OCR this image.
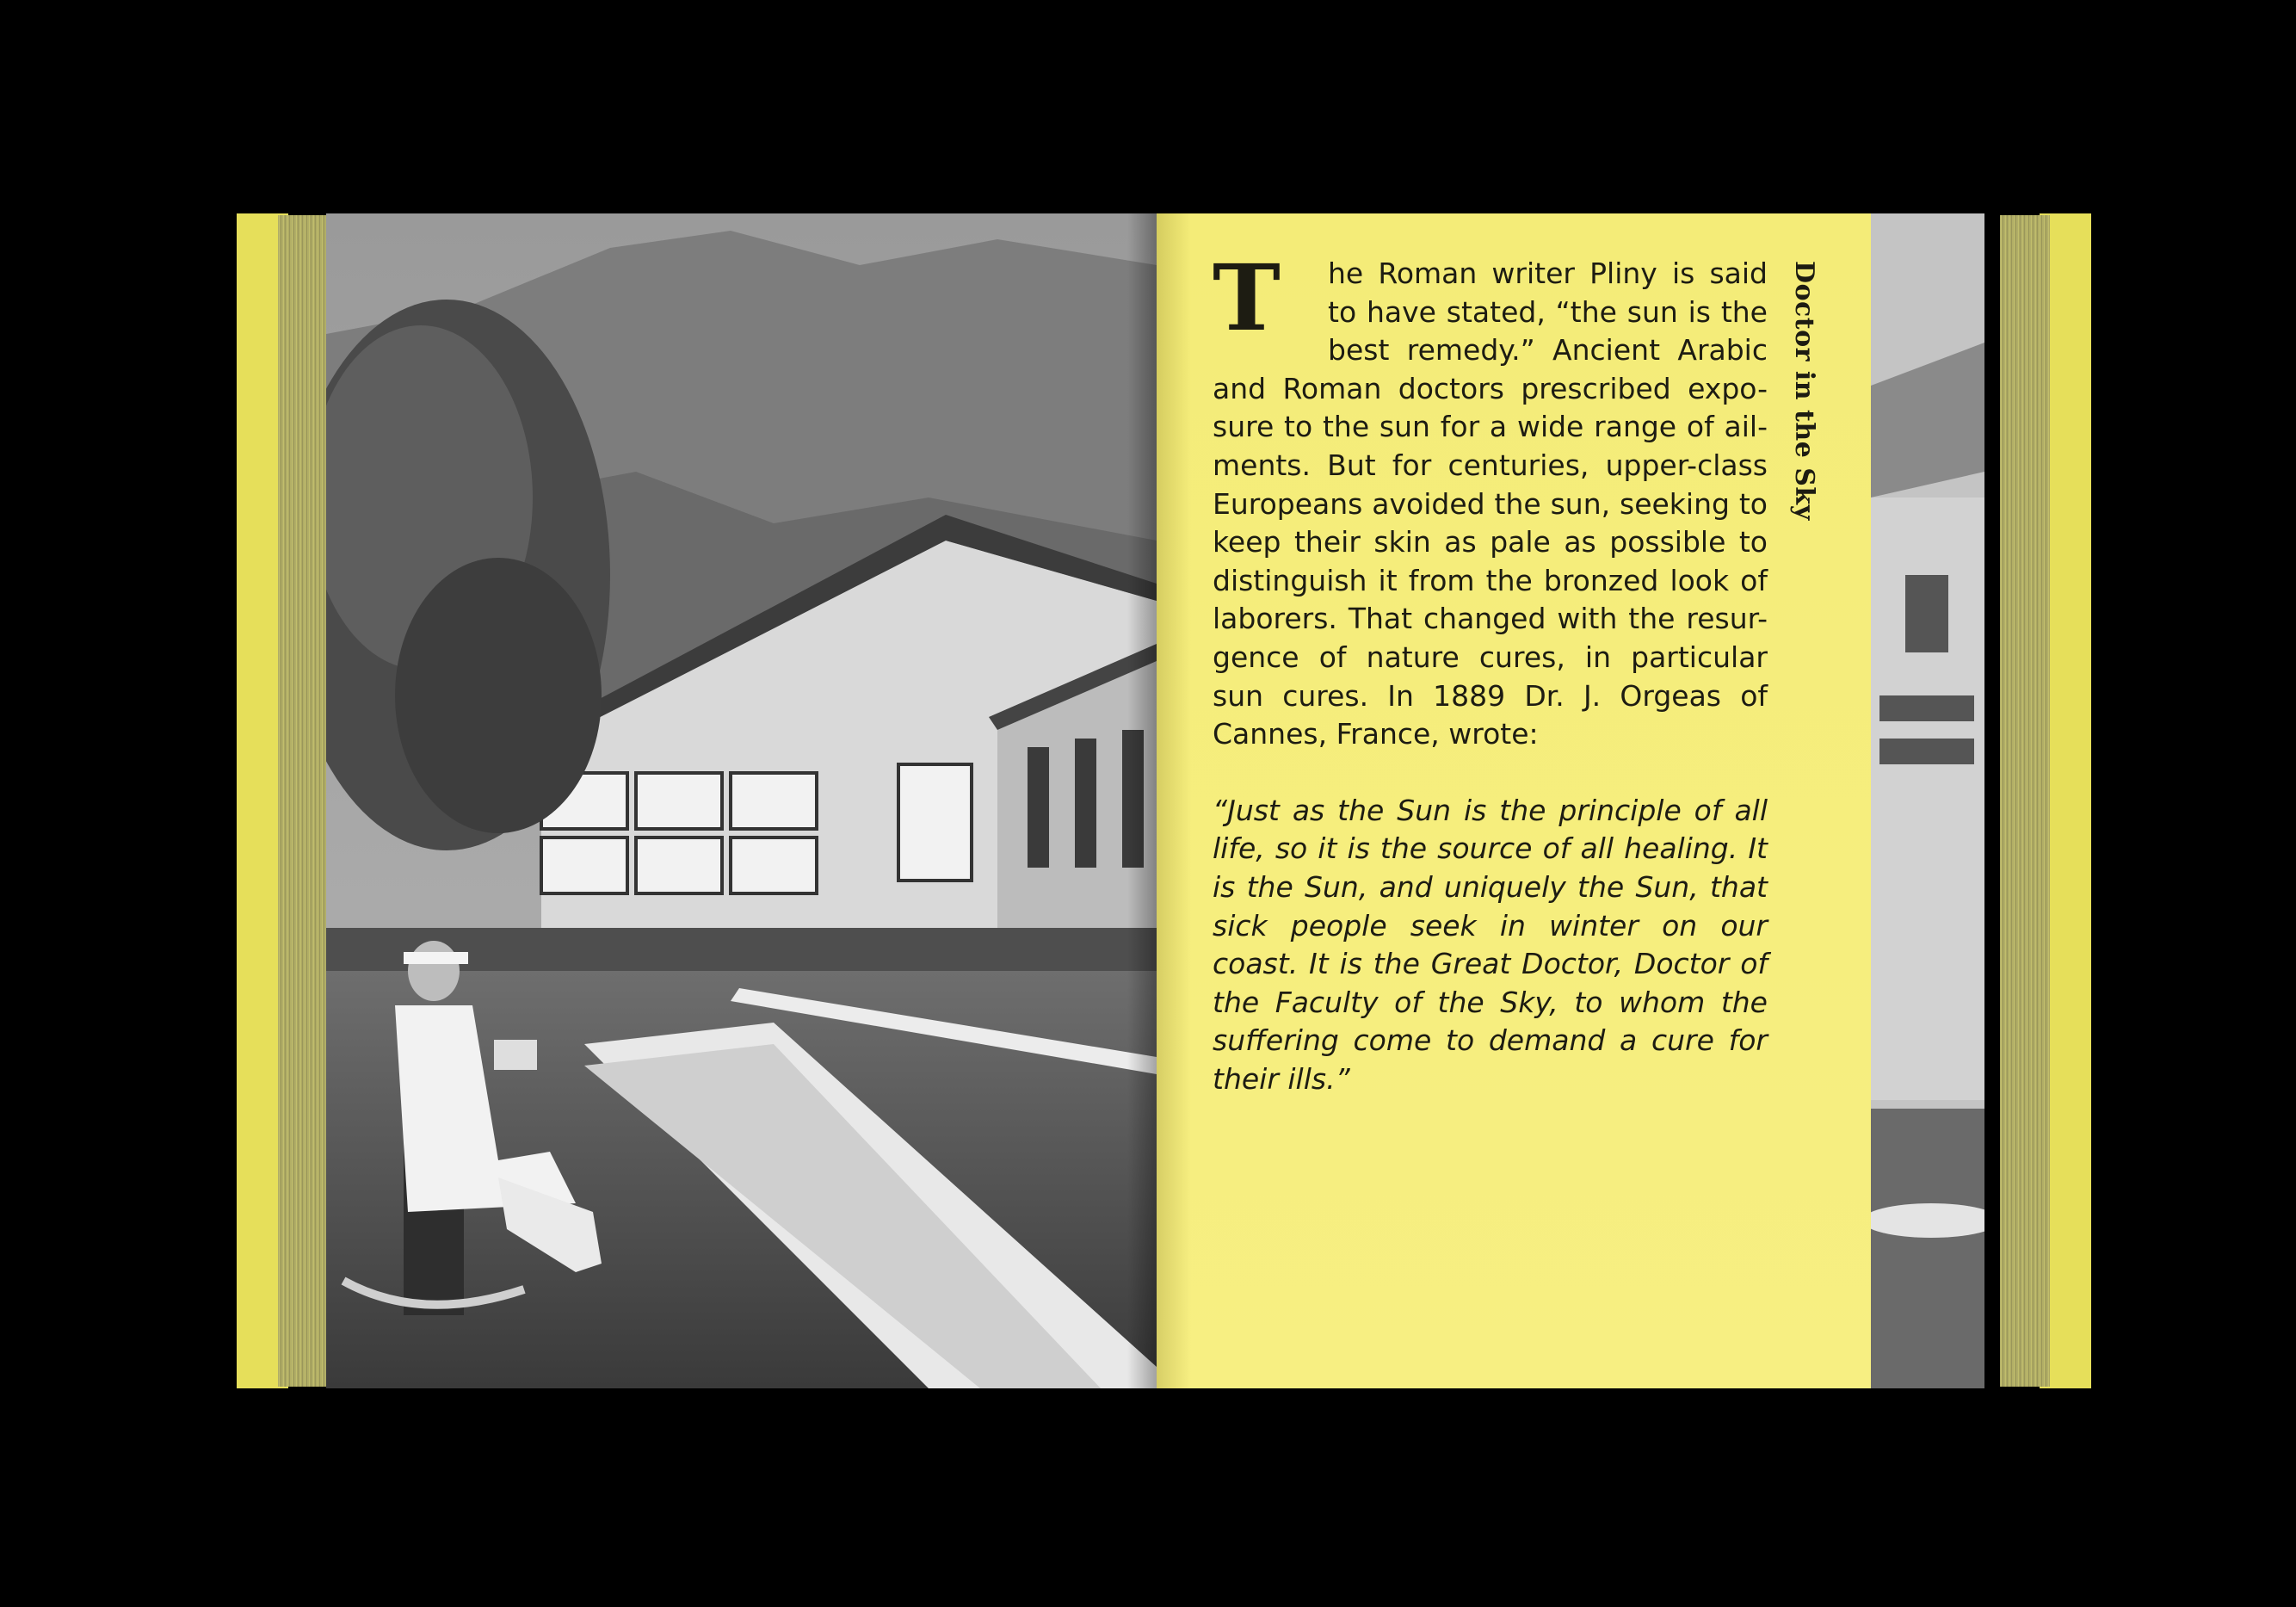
T	he Roman writer Pliny is said to have stated, “the sun is the best remedy.” Ancient Arabic and Roman doctors prescribed expo-sure to the sun for a wide range of ail-ments. But for centuries, upper-class Europeans avoided the sun, seeking to keep their skin as pale as possible to distinguish it from the bronzed look of laborers. That changed with the resur-gence of nature cures, in particular sun cures. In 1889 Dr. J. Orgeas of Cannes, France, wrote:

“Just as the Sun is the principle of all life, so it is the source of all healing. It is the Sun, and uniquely the Sun, that sick people seek in winter on our coast. It is the Great Doctor, Doctor of the Faculty of the Sky, to whom the suffering come to demand a cure for their ills.”

Doctor in the Sky
